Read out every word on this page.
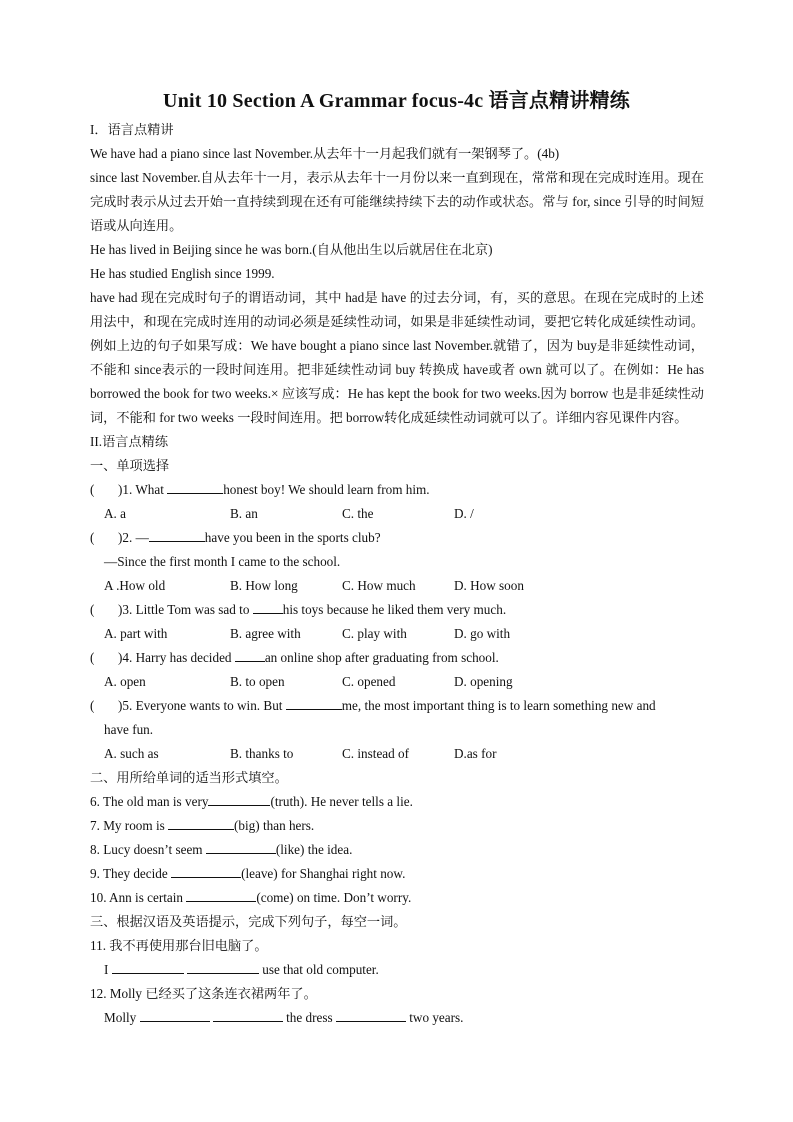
Unit 10 Section A Grammar focus-4c 语言点精讲精练

I．语言点精讲

We have had a piano since last November.从去年十一月起我们就有一架钢琴了。(4b)

since last November.自从去年十一月，表示从去年十一月份以来一直到现在，常常和现在完成时连用。现在完成时表示从过去开始一直持续到现在还有可能继续持续下去的动作或状态。常与 for, since 引导的时间短语或从向连用。

He has lived in Beijing since he was born.(自从他出生以后就居住在北京)

He has studied English since 1999.

have had 现在完成时句子的谓语动词，其中 had是 have 的过去分词，有，买的意思。在现在完成时的上述用法中，和现在完成时连用的动词必须是延续性动词，如果是非延续性动词，要把它转化成延续性动词。例如上边的句子如果写成：We have bought a piano since last November.就错了，因为 buy是非延续性动词，不能和 since表示的一段时间连用。把非延续性动词 buy 转换成 have或者 own 就可以了。在例如：He has borrowed the book for two weeks.× 应该写成：He has kept the book for two weeks.因为 borrow 也是非延续性动词，不能和 for two weeks 一段时间连用。把 borrow转化成延续性动词就可以了。详细内容见课件内容。

II.语言点精练

一、单项选择

(	)1. What	honest boy! We should learn from him.
A. a	B. an	C. the	D. /
(	)2. —	have you been in the sports club?
—Since the first month I came to the school.
A .How old	B. How long	C. How much	D. How soon
(	)3. Little Tom was sad to his toys because he liked them very much.
A. part with	B. agree with	C. play with	D. go with
(	)4. Harry has decided an online shop after graduating from school.
A. open	B. to open	C. opened	D. opening
(	)5. Everyone wants to win. But	me, the most important thing is to learn something new and
have fun.
A. such as	B. thanks to	C. instead of	D.as for

二、用所给单词的适当形式填空。

6. The old man is very	(truth). He never tells a lie.
7. My room is	(big) than hers.
8. Lucy doesn’t seem	(like) the idea.
9. They decide	(leave) for Shanghai right now.
10. Ann is certain	(come) on time. Don’t worry.

三、根据汉语及英语提示，完成下列句子，每空一词。

11. 我不再使用那台旧电脑了。
I	use that old computer.
12. Molly 已经买了这条连衣裙两年了。
Molly	the dress	two years.
